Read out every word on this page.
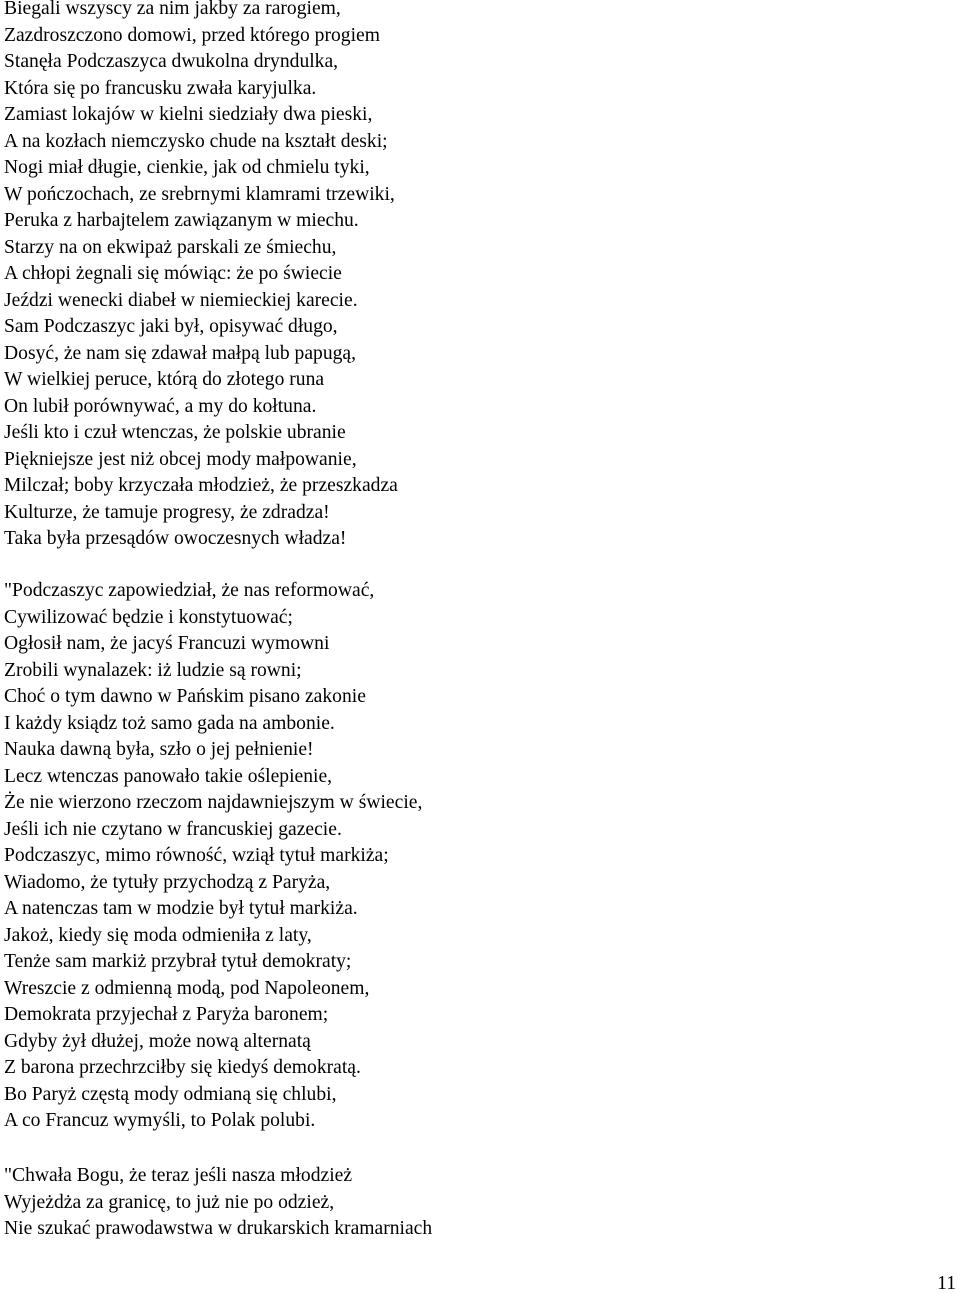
Biegali wszyscy za nim jakby za rarogiem,
Zazdroszczono domowi, przed którego progiem
Stanęła Podczaszyca dwukolna dryndulka,
Która się po francusku zwała karyjulka.
Zamiast lokajów w kielni siedziały dwa pieski,
A na kozłach niemczysko chude na kształt deski;
Nogi miał długie, cienkie, jak od chmielu tyki,
W pończochach, ze srebrnymi klamrami trzewiki,
Peruka z harbajtelem zawiązanym w miechu.
Starzy na on ekwipaż parskali ze śmiechu,
A chłopi żegnali się mówiąc: że po świecie
Jeździ wenecki diabeł w niemieckiej karecie.
Sam Podczaszyc jaki był, opisywać długo,
Dosyć, że nam się zdawał małpą lub papugą,
W wielkiej peruce, którą do złotego runa
On lubił porównywać, a my do kołtuna.
Jeśli kto i czuł wtenczas, że polskie ubranie
Piękniejsze jest niż obcej mody małpowanie,
Milczał; boby krzyczała młodzież, że przeszkadza
Kulturze, że tamuje progresy, że zdradza!
Taka była przesądów owoczesnych władza!
"Podczaszyc zapowiedział, że nas reformować,
Cywilizować będzie i konstytuować;
Ogłosił nam, że jacyś Francuzi wymowni
Zrobili wynalazek: iż ludzie są rowni;
Choć o tym dawno w Pańskim pisano zakonie
I każdy ksiądz toż samo gada na ambonie.
Nauka dawną była, szło o jej pełnienie!
Lecz wtenczas panowało takie oślepienie,
Że nie wierzono rzeczom najdawniejszym w świecie,
Jeśli ich nie czytano w francuskiej gazecie.
Podczaszyc, mimo równość, wziął tytuł markiża;
Wiadomo, że tytuły przychodzą z Paryża,
A natenczas tam w modzie był tytuł markiża.
Jakoż, kiedy się moda odmieniła z laty,
Tenże sam markiż przybrał tytuł demokraty;
Wreszcie z odmienną modą, pod Napoleonem,
Demokrata przyjechał z Paryża baronem;
Gdyby żył dłużej, może nową alternatą
Z barona przechrzciłby się kiedyś demokratą.
Bo Paryż częstą mody odmianą się chlubi,
A co Francuz wymyśli, to Polak polubi.
"Chwała Bogu, że teraz jeśli nasza młodzież
Wyjeżdża za granicę, to już nie po odzież,
Nie szukać prawodawstwa w drukarskich kramarniach
11
